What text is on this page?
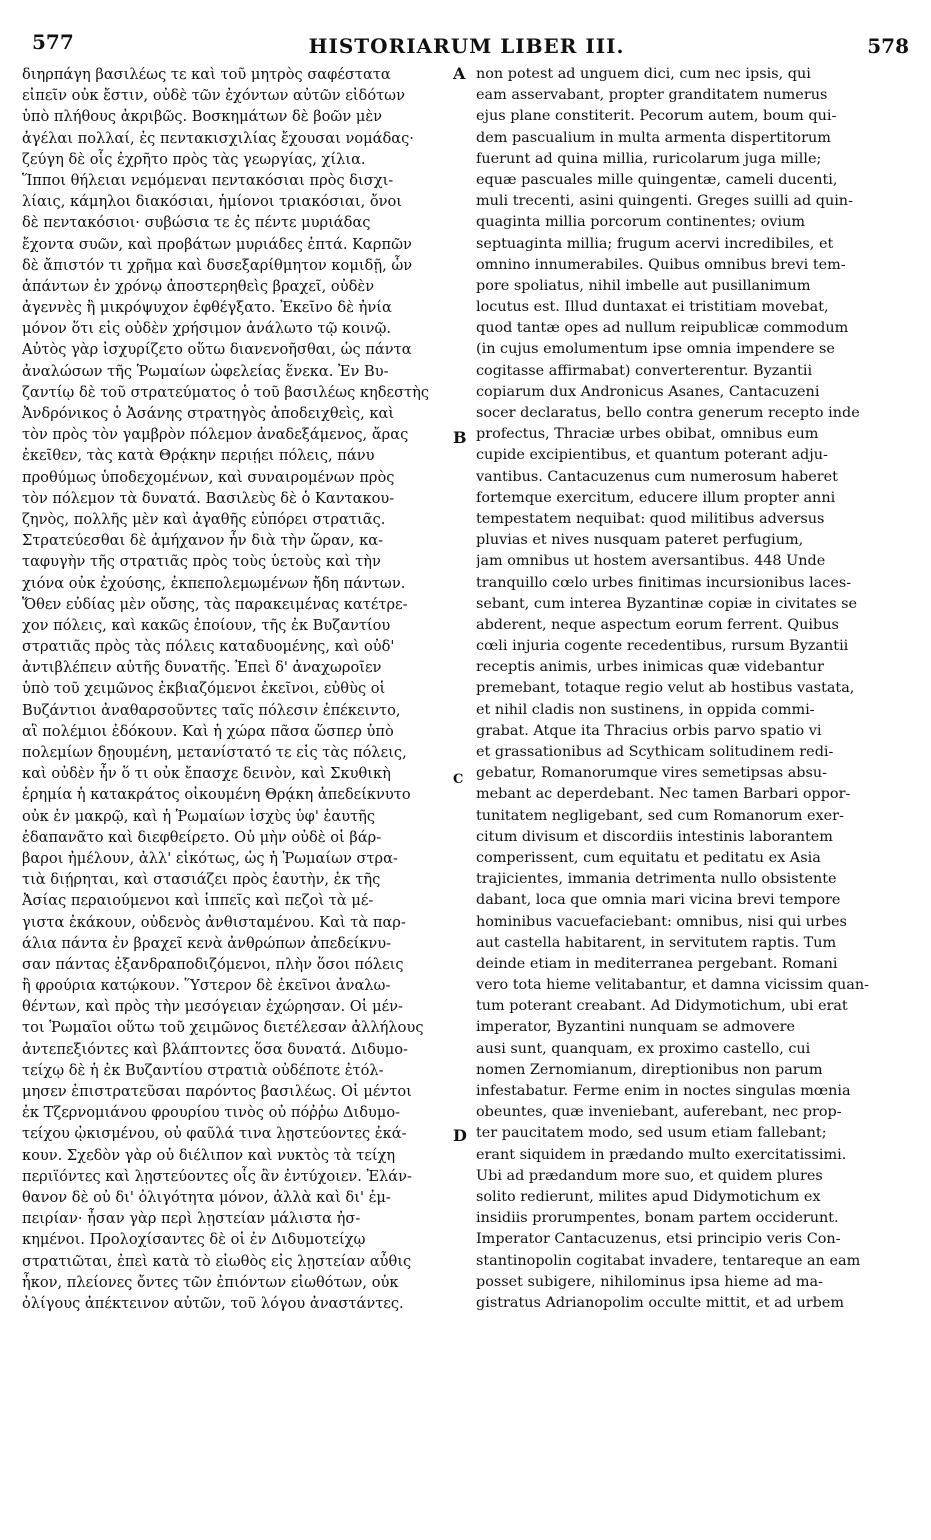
577	HISTORIARUM LIBER III.	578
διηρπάγη βασιλέως τε καὶ τοῦ μητρὸς σαφέστατα
εἰπεῖν οὐκ ἔστιν, οὐδὲ τῶν ἐχόντων αὐτῶν εἰδότων
ὑπὸ πλήθους ἀκριβῶς. Βοσκημάτων δὲ βοῶν μὲν
ἀγέλαι πολλαί, ἐς πεντακισχιλίας ἔχουσαι νομάδας·
ζεύγη δὲ οἷς ἐχρῆτο πρὸς τὰς γεωργίας, χίλια.
Ἵπποι θήλειαι νεμόμεναι πεντακόσιαι πρὸς δισχι-
λίαις, κάμηλοι διακόσιαι, ἡμίονοι τριακόσιαι, ὄνοι
δὲ πεντακόσιοι· συβώσια τε ἐς πέντε μυριάδας
ἔχοντα συῶν, καὶ προβάτων μυριάδες ἑπτά. Καρπῶν
δὲ ἄπιστόν τι χρῆμα καὶ δυσεξαρίθμητον κομιδῇ, ὧν
ἁπάντων ἐν χρόνῳ ἀποστερηθεὶς βραχεῖ, οὐδὲν
ἀγεννὲς ἢ μικρόψυχον ἐφθέγξατο. Ἐκεῖνο δὲ ἠνία
μόνον ὅτι εἰς οὐδὲν χρήσιμον ἀνάλωτο τῷ κοινῷ.
Αὐτὸς γὰρ ἰσχυρίζετο οὕτω διανενοῆσθαι, ὡς πάντα
ἀναλώσων τῆς Ῥωμαίων ὠφελείας ἕνεκα. Ἐν Βυ-
ζαντίῳ δὲ τοῦ στρατεύματος ὁ τοῦ βασιλέως κηδεστὴς
Ἀνδρόνικος ὁ Ἀσάνης στρατηγὸς ἀποδειχθεὶς, καὶ
τὸν πρὸς τὸν γαμβρὸν πόλεμον ἀναδεξάμενος, ἄρας
ἐκεῖθεν, τὰς κατὰ Θρᾴκην περιῄει πόλεις, πάνυ
προθύμως ὑποδεχομένων, καὶ συναιρομένων πρὸς
τὸν πόλεμον τὰ δυνατά. Βασιλεὺς δὲ ὁ Καντακου-
ζηνὸς, πολλῆς μὲν καὶ ἀγαθῆς εὐπόρει στρατιᾶς.
Στρατεύεσθαι δὲ ἀμήχανον ἦν διὰ τὴν ὥραν, κα-
ταφυγὴν τῆς στρατιᾶς πρὸς τοὺς ὑετοὺς καὶ τὴν
χιόνα οὐκ ἐχούσης, ἐκπεπολεμωμένων ἤδη πάντων.
Ὅθεν εὐδίας μὲν οὔσης, τὰς παρακειμένας κατέτρε-
χον πόλεις, καὶ κακῶς ἐποίουν, τῆς ἐκ Βυζαντίου
στρατιᾶς πρὸς τὰς πόλεις καταδυομένης, καὶ οὐδ'
ἀντιβλέπειν αὐτῆς δυνατῆς. Ἐπεὶ δ' ἀναχωροῖεν
ὑπὸ τοῦ χειμῶνος ἐκβιαζόμενοι ἐκεῖνοι, εὐθὺς οἱ
Βυζάντιοι ἀναθαρσοῦντες ταῖς πόλεσιν ἐπέκειντο,
αἳ πολέμιοι ἐδόκουν. Καὶ ἡ χώρα πᾶσα ὥσπερ ὑπὸ
πολεμίων δῃουμένη, μετανίστατό τε εἰς τὰς πόλεις,
καὶ οὐδὲν ἦν ὅ τι οὐκ ἔπασχε δεινὸν, καὶ Σκυθικὴ
ἐρημία ἡ κατακράτος οἰκουμένη Θρᾴκη ἀπεδείκνυτο
οὐκ ἐν μακρῷ, καὶ ἡ Ῥωμαίων ἰσχὺς ὑφ' ἑαυτῆς
ἐδαπανᾶτο καὶ διεφθείρετο. Οὐ μὴν οὐδὲ οἱ βάρ-
βαροι ἠμέλουν, ἀλλ' εἰκότως, ὡς ἡ Ῥωμαίων στρα-
τιὰ διῄρηται, καὶ στασιάζει πρὸς ἑαυτὴν, ἐκ τῆς
Ἀσίας περαιούμενοι καὶ ἱππεῖς καὶ πεζοὶ τὰ μέ-
γιστα ἐκάκουν, οὐδενὸς ἀνθισταμένου. Καὶ τὰ παρ-
άλια πάντα ἐν βραχεῖ κενὰ ἀνθρώπων ἀπεδείκνυ-
σαν πάντας ἐξανδραποδιζόμενοι, πλὴν ὅσοι πόλεις
ἢ φρούρια κατῴκουν. Ὕστερον δὲ ἐκεῖνοι ἀναλω-
θέντων, καὶ πρὸς τὴν μεσόγειαν ἐχώρησαν. Οἱ μέν-
τοι Ῥωμαῖοι οὕτω τοῦ χειμῶνος διετέλεσαν ἀλλήλους
ἀντεπεξιόντες καὶ βλάπτοντες ὅσα δυνατά. Διδυμο-
τείχῳ δὲ ἡ ἐκ Βυζαντίου στρατιὰ οὐδέποτε ἐτόλ-
μησεν ἐπιστρατεῦσαι παρόντος βασιλέως. Οἱ μέντοι
ἐκ Τζερνομιάνου φρουρίου τινὸς οὐ πόῤῥω Διδυμο-
τείχου ᾠκισμένου, οὐ φαῦλά τινα λῃστεύοντες ἐκά-
κουν. Σχεδὸν γὰρ οὐ διέλιπον καὶ νυκτὸς τὰ τείχη
περιϊόντες καὶ λῃστεύοντες οἷς ἂν ἐντύχοιεν. Ἐλάν-
θανον δὲ οὐ δι' ὀλιγότητα μόνον, ἀλλὰ καὶ δι' ἐμ-
πειρίαν· ἦσαν γὰρ περὶ λῃστείαν μάλιστα ἠσ-
κημένοι. Προλοχίσαντες δὲ οἱ ἐν Διδυμοτείχῳ
στρατιῶται, ἐπεὶ κατὰ τὸ εἰωθὸς εἰς λῃστείαν αὖθις
ἧκον, πλείονες ὄντες τῶν ἐπιόντων εἰωθότων, οὐκ
ὀλίγους ἀπέκτεινον αὐτῶν, τοῦ λόγου ἀναστάντες.
non potest ad unguem dici, cum nec ipsis, qui
eam asservabant, propter granditatem numerus
ejus plane constiterit. Pecorum autem, boum qui-
dem pascualium in multa armenta dispertitorum
fuerunt ad quina millia, ruricolarum juga mille;
equæ pascuales mille quingentæ, cameli ducenti,
muli trecenti, asini quingenti. Greges suilli ad quin-
quaginta millia porcorum continentes; ovium
septuaginta millia; frugum acervi incredibiles, et
omnino innumerabiles. Quibus omnibus brevi tem-
pore spoliatus, nihil imbelle aut pusillanimum
locutus est. Illud duntaxat ei tristitiam movebat,
quod tantæ opes ad nullum reipublicæ commodum
(in cujus emolumentum ipse omnia impendere se
cogitasse affirmabat) converterentur. Byzantii
copiarum dux Andronicus Asanes, Cantacuzeni
socer declaratus, bello contra generum recepto inde
profectus, Thraciæ urbes obibat, omnibus eum
cupide excipientibus, et quantum poterant adju-
vantibus. Cantacuzenus cum numerosum haberet
fortemque exercitum, educere illum propter anni
tempestatem nequibat: quod militibus adversus
pluvias et nives nusquam pateret perfugium,
jam omnibus ut hostem aversantibus. 448 Unde
tranquillo cœlo urbes finitimas incursionibus laces-
sebant, cum interea Byzantinæ copiæ in civitates se
abderent, neque aspectum eorum ferrent. Quibus
cœli injuria cogente recedentibus, rursum Byzantii
receptis animis, urbes inimicas quæ videbantur
premebant, totaque regio velut ab hostibus vastata,
et nihil cladis non sustinens, in oppida commi-
grabat. Atque ita Thracius orbis parvo spatio vi
et grassationibus ad Scythicam solitudinem redi-
gebatur, Romanorumque vires semetipsas absu-
mebant ac deperdebant. Nec tamen Barbari oppor-
tunitatem negligebant, sed cum Romanorum exer-
citum divisum et discordiis intestinis laborantem
comperissent, cum equitatu et peditatu ex Asia
trajicientes, immania detrimenta nullo obsistente
dabant, loca que omnia mari vicina brevi tempore
hominibus vacuefaciebant: omnibus, nisi qui urbes
aut castella habitarent, in servitutem raptis. Tum
deinde etiam in mediterranea pergebant. Romani
vero tota hieme velitabantur, et damna vicissim quan-
tum poterant creabant. Ad Didymotichum, ubi erat
imperator, Byzantini nunquam se admovere
ausi sunt, quanquam, ex proximo castello, cui
nomen Zernomianum, direptionibus non parum
infestabatur. Ferme enim in noctes singulas mœnia
obeuntes, quæ inveniebant, auferebant, nec prop-
ter paucitatem modo, sed usum etiam fallebant;
erant siquidem in prædando multo exercitatissimi.
Ubi ad prædandum more suo, et quidem plures
solito redierunt, milites apud Didymotichum ex
insidiis prorumpentes, bonam partem occiderunt.
Imperator Cantacuzenus, etsi principio veris Con-
stantinopolin cogitabat invadere, tentareque an eam
posset subigere, nihilominus ipsa hieme ad ma-
gistratus Adrianopolim occulte mittit, et ad urbem
A
B
C
D
